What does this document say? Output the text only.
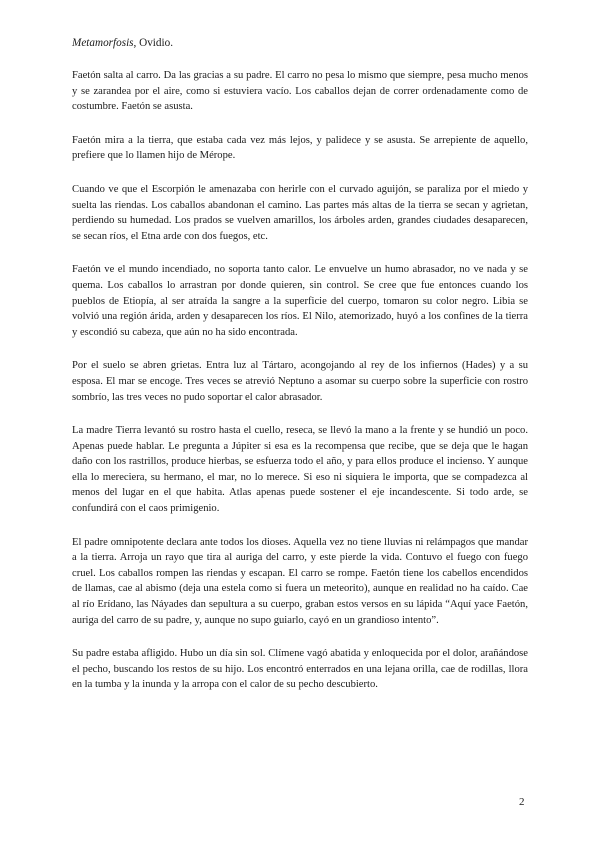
Metamorfosis, Ovidio.

Faetón salta al carro. Da las gracias a su padre. El carro no pesa lo mismo que siempre, pesa mucho menos y se zarandea por el aire, como si estuviera vacío. Los caballos dejan de correr ordenadamente como de costumbre. Faetón se asusta.

Faetón mira a la tierra, que estaba cada vez más lejos, y palidece y se asusta. Se arrepiente de aquello, prefiere que lo llamen hijo de Mérope.

Cuando ve que el Escorpión le amenazaba con herirle con el curvado aguijón, se paraliza por el miedo y suelta las riendas. Los caballos abandonan el camino. Las partes más altas de la tierra se secan y agrietan, perdiendo su humedad. Los prados se vuelven amarillos, los árboles arden, grandes ciudades desaparecen, se secan ríos, el Etna arde con dos fuegos, etc.

Faetón ve el mundo incendiado, no soporta tanto calor. Le envuelve un humo abrasador, no ve nada y se quema. Los caballos lo arrastran por donde quieren, sin control. Se cree que fue entonces cuando los pueblos de Etiopía, al ser atraída la sangre a la superficie del cuerpo, tomaron su color negro. Libia se volvió una región árida, arden y desaparecen los ríos. El Nilo, atemorizado, huyó a los confines de la tierra y escondió su cabeza, que aún no ha sido encontrada.

Por el suelo se abren grietas. Entra luz al Tártaro, acongojando al rey de los infiernos (Hades) y a su esposa. El mar se encoge. Tres veces se atrevió Neptuno a asomar su cuerpo sobre la superficie con rostro sombrío, las tres veces no pudo soportar el calor abrasador.

La madre Tierra levantó su rostro hasta el cuello, reseca, se llevó la mano a la frente y se hundió un poco. Apenas puede hablar. Le pregunta a Júpiter si esa es la recompensa que recibe, que se deja que le hagan daño con los rastrillos, produce hierbas, se esfuerza todo el año, y para ellos produce el incienso. Y aunque ella lo mereciera, su hermano, el mar, no lo merece. Si eso ni siquiera le importa, que se compadezca al menos del lugar en el que habita. Atlas apenas puede sostener el eje incandescente. Si todo arde, se confundirá con el caos primigenio.

El padre omnipotente declara ante todos los dioses. Aquella vez no tiene lluvias ni relámpagos que mandar a la tierra. Arroja un rayo que tira al auriga del carro, y este pierde la vida. Contuvo el fuego con fuego cruel. Los caballos rompen las riendas y escapan. El carro se rompe. Faetón tiene los cabellos encendidos de llamas, cae al abismo (deja una estela como si fuera un meteorito), aunque en realidad no ha caído. Cae al río Erídano, las Náyades dan sepultura a su cuerpo, graban estos versos en su lápida “Aquí yace Faetón, auriga del carro de su padre, y, aunque no supo guiarlo, cayó en un grandioso intento”.

Su padre estaba afligido. Hubo un día sin sol. Clímene vagó abatida y enloquecida por el dolor, arañándose el pecho, buscando los restos de su hijo. Los encontró enterrados en una lejana orilla, cae de rodillas, llora en la tumba y la inunda y la arropa con el calor de su pecho descubierto.

2
